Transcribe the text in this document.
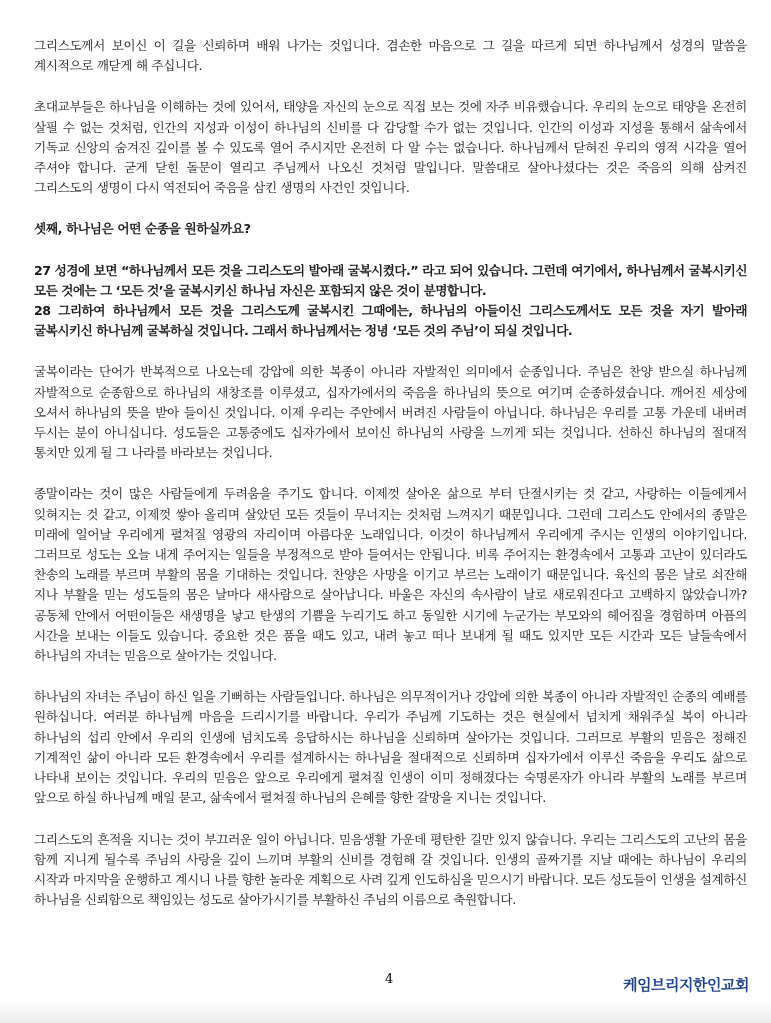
그리스도께서 보이신 이 길을 신뢰하며 배워 나가는 것입니다. 겸손한 마음으로 그 길을 따르게 되면 하나님께서 성경의 말씀을 계시적으로 깨닫게 해 주십니다.

초대교부들은 하나님을 이해하는 것에 있어서, 태양을 자신의 눈으로 직접 보는 것에 자주 비유했습니다. 우리의 눈으로 태양을 온전히 살필 수 없는 것처럼, 인간의 지성과 이성이 하나님의 신비를 다 감당할 수가 없는 것입니다. 인간의 이성과 지성을 통해서 삶속에서 기독교 신앙의 숨겨진 깊이를 볼 수 있도록 열어 주시지만 온전히 다 알 수는 없습니다. 하나님께서 닫혀진 우리의 영적 시각을 열어 주셔야 합니다. 굳게 닫힌 돌문이 열리고 주님께서 나오신 것처럼 말입니다. 말씀대로 살아나셨다는 것은 죽음의 의해 삼켜진 그리스도의 생명이 다시 역전되어 죽음을 삼킨 생명의 사건인 것입니다.

셋째, 하나님은 어떤 순종을 원하실까요?

27 성경에 보면 “하나님께서 모든 것을 그리스도의 발아래 굴복시켰다.” 라고 되어 있습니다. 그런데 여기에서, 하나님께서 굴복시키신 모든 것에는 그 ‘모든 것’을 굴복시키신 하나님 자신은 포함되지 않은 것이 분명합니다.
28 그리하여 하나님께서 모든 것을 그리스도께 굴복시킨 그때에는, 하나님의 아들이신 그리스도께서도 모든 것을 자기 발아래 굴복시키신 하나님께 굴복하실 것입니다. 그래서 하나님께서는 정녕 ‘모든 것의 주님’이 되실 것입니다.

굴복이라는 단어가 반복적으로 나오는데 강압에 의한 복종이 아니라 자발적인 의미에서 순종입니다. 주님은 찬양 받으실 하나님께 자발적으로 순종함으로 하나님의 새창조를 이루셨고, 십자가에서의 죽음을 하나님의 뜻으로 여기며 순종하셨습니다. 깨어진 세상에 오셔서 하나님의 뜻을 받아 들이신 것입니다. 이제 우리는 주안에서 버려진 사람들이 아닙니다. 하나님은 우리를 고통 가운데 내버려 두시는 분이 아니십니다. 성도들은 고통중에도 십자가에서 보이신 하나님의 사랑을 느끼게 되는 것입니다. 선하신 하나님의 절대적 통치만 있게 될 그 나라를 바라보는 것입니다.

종말이라는 것이 많은 사람들에게 두려움을 주기도 합니다. 이제껏 살아온 삶으로 부터 단절시키는 것 같고, 사랑하는 이들에게서 잊혀지는 것 같고, 이제껏 쌓아 올리며 살았던 모든 것들이 무너지는 것처럼 느껴지기 때문입니다. 그런데 그리스도 안에서의 종말은 미래에 일어날 우리에게 펼쳐질 영광의 자리이며 아름다운 노래입니다. 이것이 하나님께서 우리에게 주시는 인생의 이야기입니다. 그러므로 성도는 오늘 내게 주어지는 일들을 부정적으로 받아 들여서는 안됩니다. 비록 주어지는 환경속에서 고통과 고난이 있더라도 찬송의 노래를 부르며 부활의 몸을 기대하는 것입니다. 찬양은 사망을 이기고 부르는 노래이기 때문입니다. 육신의 몸은 날로 쇠잔해 지나 부활을 믿는 성도들의 몸은 날마다 새사람으로 살아납니다. 바울은 자신의 속사람이 날로 새로워진다고 고백하지 않았습니까? 공동체 안에서 어떤이들은 새생명을 낳고 탄생의 기쁨을 누리기도 하고 동일한 시기에 누군가는 부모와의 헤어짐을 경험하며 아픔의 시간을 보내는 이들도 있습니다. 중요한 것은 품을 때도 있고, 내려 놓고 떠나 보내게 될 때도 있지만 모든 시간과 모든 날들속에서 하나님의 자녀는 믿음으로 살아가는 것입니다.

하나님의 자녀는 주님이 하신 일을 기뻐하는 사람들입니다. 하나님은 의무적이거나 강압에 의한 복종이 아니라 자발적인 순종의 예배를 원하십니다. 여러분 하나님께 마음을 드리시기를 바랍니다. 우리가 주님께 기도하는 것은 현실에서 넘치게 채워주실 복이 아니라 하나님의 섭리 안에서 우리의 인생에 넘치도록 응답하시는 하나님을 신뢰하며 살아가는 것입니다. 그러므로 부활의 믿음은 정해진 기계적인 삶이 아니라 모든 환경속에서 우리를 설계하시는 하나님을 절대적으로 신뢰하며 십자가에서 이루신 죽음을 우리도 삶으로 나타내 보이는 것입니다. 우리의 믿음은 앞으로 우리에게 펼쳐질 인생이 이미 정해졌다는 숙명론자가 아니라 부활의 노래를 부르며 앞으로 하실 하나님께 매일 묻고, 삶속에서 펼쳐질 하나님의 은혜를 향한 갈망을 지니는 것입니다.

그리스도의 흔적을 지니는 것이 부끄러운 일이 아닙니다. 믿음생활 가운데 평탄한 길만 있지 않습니다. 우리는 그리스도의 고난의 몸을 함께 지니게 될수록 주님의 사랑을 깊이 느끼며 부활의 신비를 경험해 갈 것입니다. 인생의 골짜기를 지날 때에는 하나님이 우리의 시작과 마지막을 운행하고 계시니 나를 향한 놀라운 계획으로 사려 깊게 인도하심을 믿으시기 바랍니다. 모든 성도들이 인생을 설계하신 하나님을 신뢰함으로 책임있는 성도로 살아가시기를 부활하신 주님의 이름으로 축원합니다.

4	케임브리지한인교회
